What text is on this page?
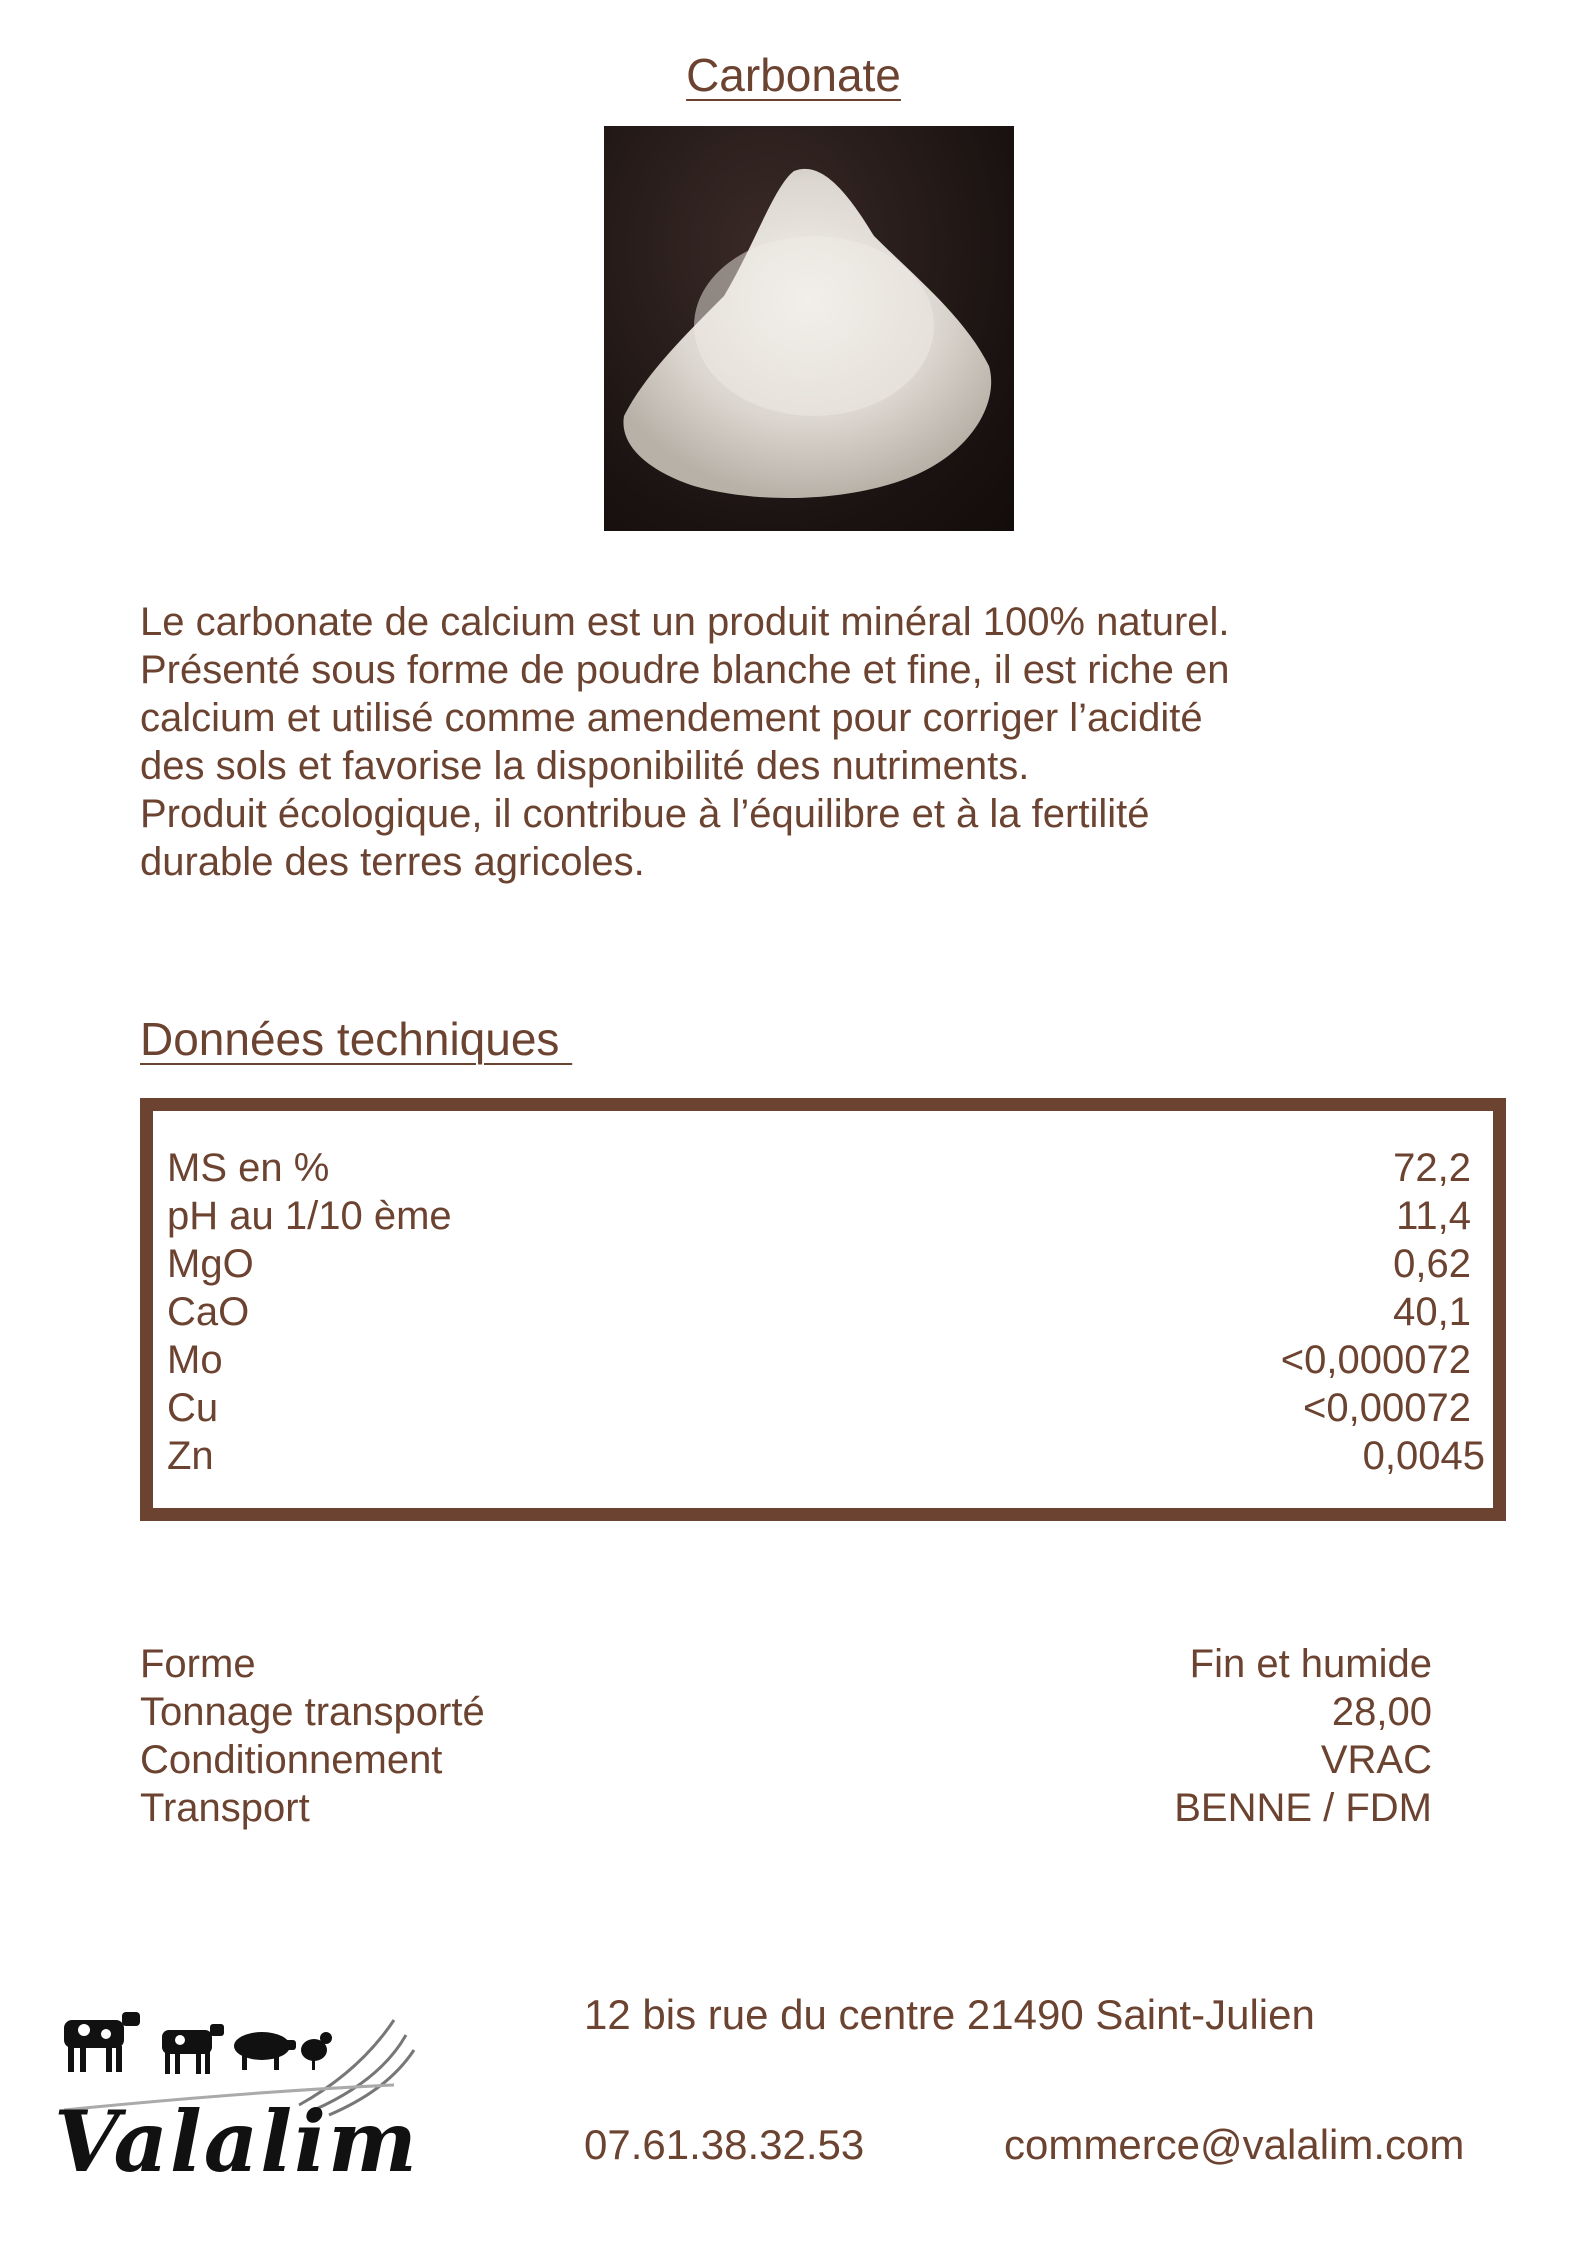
Carbonate

Le carbonate de calcium est un produit minéral 100% naturel.

Présenté sous forme de poudre blanche et fine, il est riche en

calcium et utilisé comme amendement pour corriger l’acidité

des sols et favorise la disponibilité des nutriments.

Produit écologique, il contribue à l’équilibre et à la fertilité

durable des terres agricoles.

Données techniques
MS en %	72,2
pH au 1/10 ème	11,4
MgO	0,62
CaO	40,1
Mo	<0,000072
Cu	<0,00072
Zn	0,0045
Forme	Fin et humide
Tonnage transporté	28,00
Conditionnement	VRAC
Transport	BENNE / FDM
Valalim
12 bis rue du centre 21490 Saint-Julien
07.61.38.32.53	commerce@valalim.com
